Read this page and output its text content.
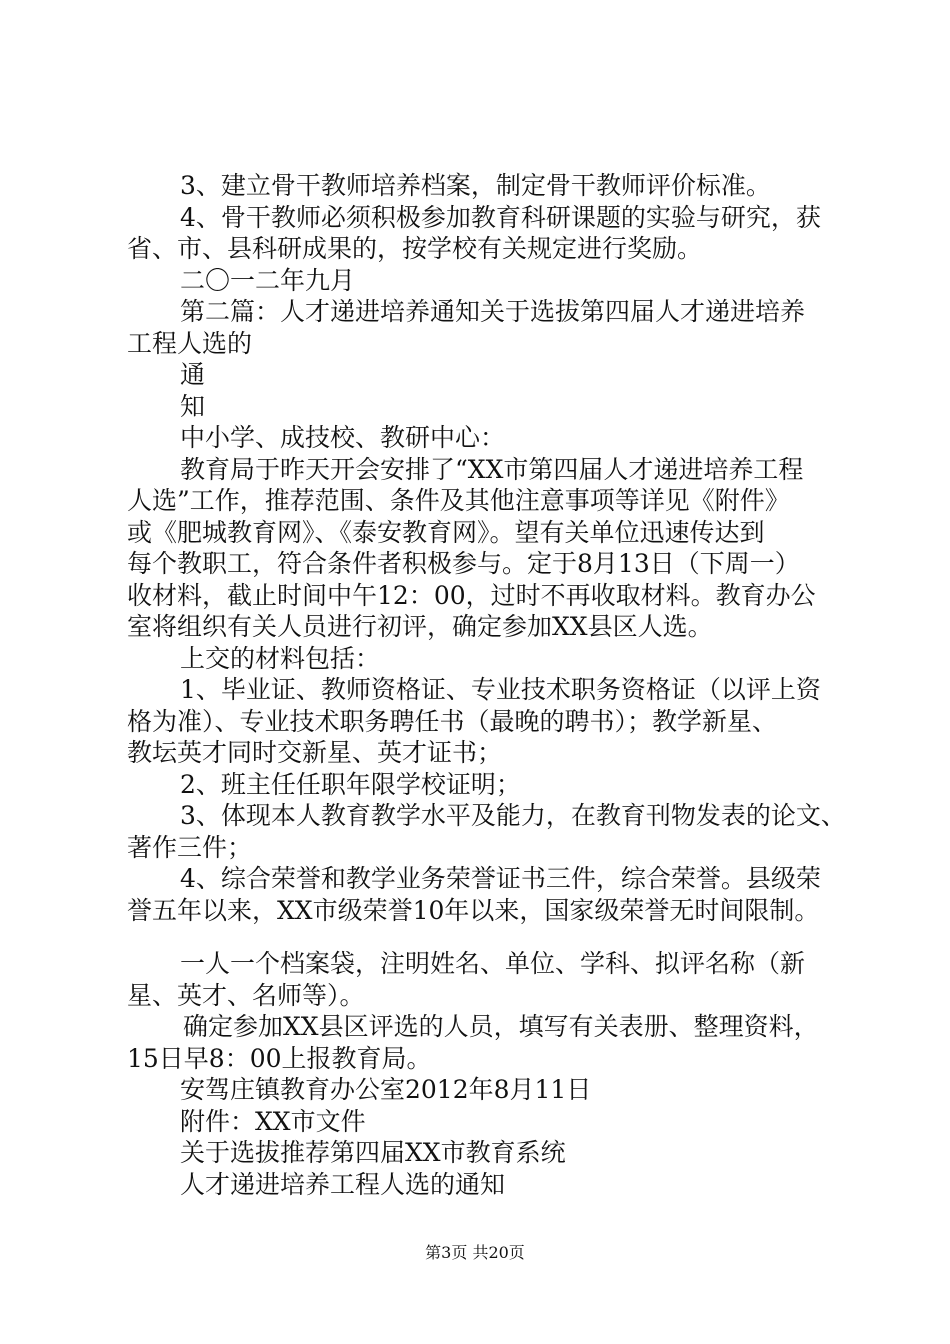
3、建立骨干教师培养档案，制定骨干教师评价标准。
4、骨干教师必须积极参加教育科研课题的实验与研究，获
省、市、县科研成果的，按学校有关规定进行奖励。
二〇一二年九月
第二篇：人才递进培养通知关于选拔第四届人才递进培养
工程人选的
通
知
中小学、成技校、教研中心：
教育局于昨天开会安排了“XX市第四届人才递进培养工程
人选”工作，推荐范围、条件及其他注意事项等详见《附件》
或《肥城教育网》、《泰安教育网》。望有关单位迅速传达到
每个教职工，符合条件者积极参与。定于8月13日（下周一）
收材料，截止时间中午12：00，过时不再收取材料。教育办公
室将组织有关人员进行初评，确定参加XX县区人选。
上交的材料包括：
1、毕业证、教师资格证、专业技术职务资格证（以评上资
格为准）、专业技术职务聘任书（最晚的聘书）；教学新星、
教坛英才同时交新星、英才证书；
2、班主任任职年限学校证明；
3、体现本人教育教学水平及能力，在教育刊物发表的论文、
著作三件；
4、综合荣誉和教学业务荣誉证书三件，综合荣誉。县级荣
誉五年以来，XX市级荣誉10年以来，国家级荣誉无时间限制。
一人一个档案袋，注明姓名、单位、学科、拟评名称（新
星、英才、名师等）。
确定参加XX县区评选的人员，填写有关表册、整理资料，
15日早8：00上报教育局。
安驾庄镇教育办公室2012年8月11日
附件：XX市文件
关于选拔推荐第四届XX市教育系统
人才递进培养工程人选的通知
第3页 共20页
